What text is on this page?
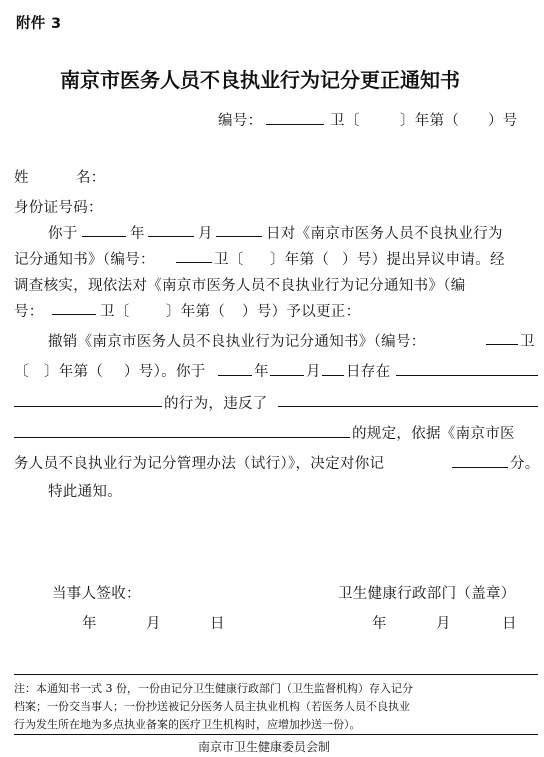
附件 3
南京市医务人员不良执业行为记分更正通知书
编号：	卫〔	〕年第（ ）号
姓	名：
身份证号码：
你于	年	月	日对《南京市医务人员不良执业行为
记分通知书》（编号：	卫〔 〕年第（ ）号）提出异议申请。经
调查核实，现依法对《南京市医务人员不良执业行为记分通知书》（编
号：	卫〔	〕年第（ ）号）予以更正：
撤销《南京市医务人员不良执业行为记分通知书》（编号：	卫
〔 〕年第（ ）号）。你于	年	月 日存在
的行为，违反了
的规定，依据《南京市医
务人员不良执业行为记分管理办法（试行）》，决定对你记	分。
特此通知。
当事人签收：	卫生健康行政部门（盖章）
年	月	日	年	月	日
注：本通知书一式 3 份，一份由记分卫生健康行政部门（卫生监督机构）存入记分
档案；一份交当事人；一份抄送被记分医务人员主执业机构（若医务人员不良执业
行为发生所在地为多点执业备案的医疗卫生机构时，应增加抄送一份）。
南京市卫生健康委员会制
